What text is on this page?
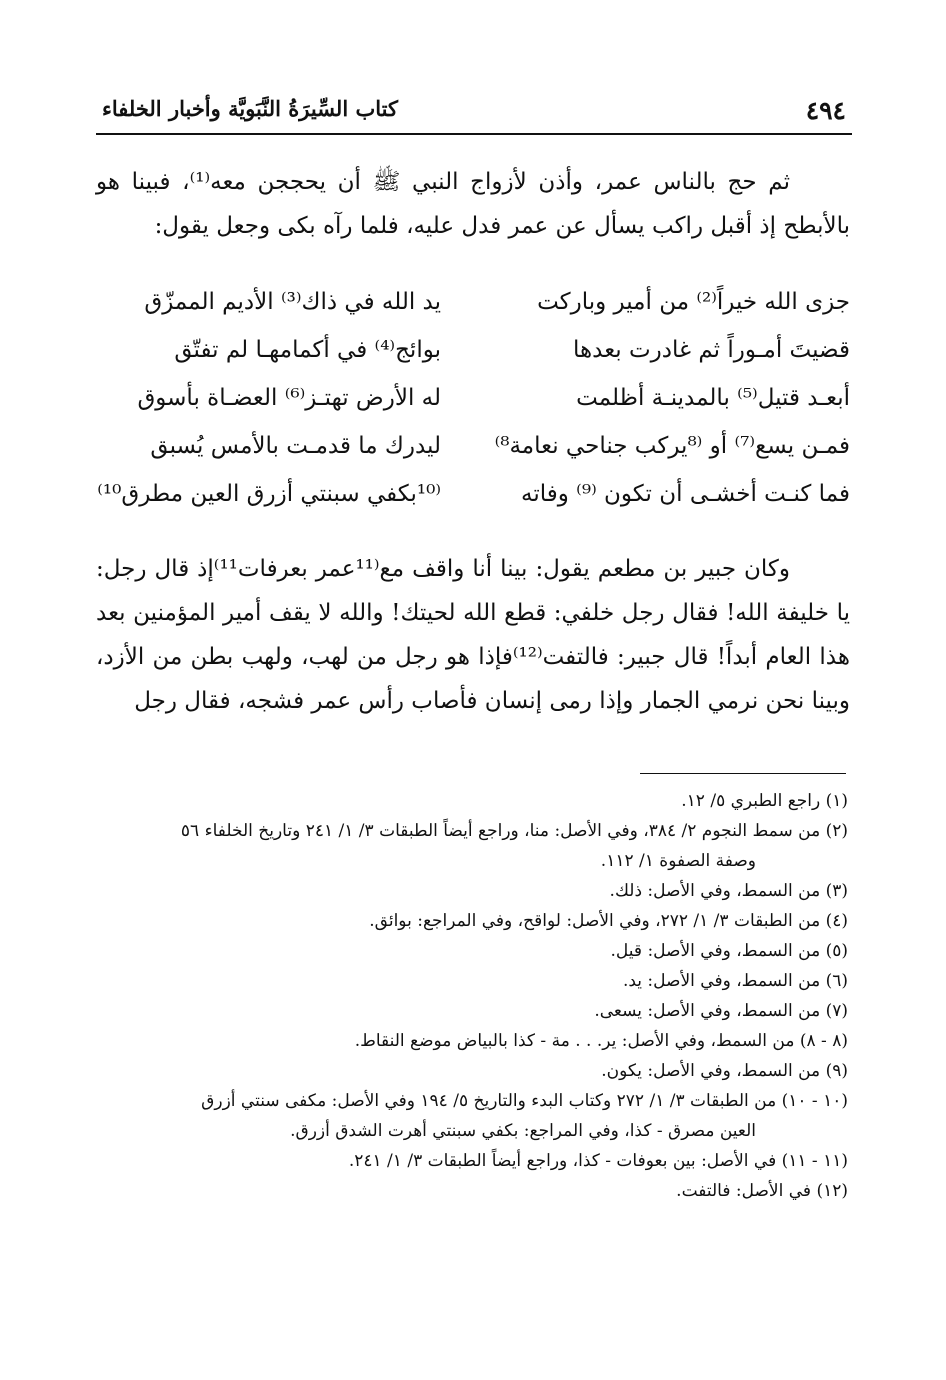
٤٩٤
كتاب السِّيرَةُ النَّبَويَّة وأخبار الخلفاء

ثم حج بالناس عمر، وأذن لأزواج النبي ﷺ أن يحججن معه⁽¹⁾، فبينا هو بالأبطح إذ أقبل راكب يسأل عن عمر فدل عليه، فلما رآه بكى وجعل يقول:

جزى الله خيراً⁽²⁾ من أمير وباركت
يد الله في ذاك⁽³⁾ الأديم الممزّق
قضيتَ أمـوراً ثم غادرت بعدها
بوائج⁽⁴⁾ في أكمامهـا لم تفتّق
أبعـد قتيل⁽⁵⁾ بالمدينـة أظلمت
له الأرض تهتـز⁽⁶⁾ العضـاة بأسوق
فمـن يسع⁽⁷⁾ أو ⁽⁸يركب جناحي نعامة⁸⁾
ليدرك ما قدمـت بالأمس يُسبق
فما كنـت أخشـى أن تكون ⁽⁹⁾ وفاته
⁽¹⁰بكفي سبنتي أزرق العين مطرق¹⁰⁾

وكان جبير بن مطعم يقول: بينا أنا واقف مع⁽¹¹عمر بعرفات¹¹⁾إذ قال رجل: يا خليفة الله! فقال رجل خلفي: قطع الله لحيتك! والله لا يقف أمير المؤمنين بعد هذا العام أبداً! قال جبير: فالتفت⁽¹²⁾فإذا هو رجل من لهب، ولهب بطن من الأزد، وبينا نحن نرمي الجمار وإذا رمى إنسان فأصاب رأس عمر فشجه، فقال رجل

(١) راجع الطبري ٥/ ١٢.
(٢) من سمط النجوم ٢/ ٣٨٤، وفي الأصل: منا، وراجع أيضاً الطبقات ٣/ ١/ ٢٤١ وتاريخ الخلفاء ٥٦
وصفة الصفوة ١/ ١١٢.
(٣) من السمط، وفي الأصل: ذلك.
(٤) من الطبقات ٣/ ١/ ٢٧٢، وفي الأصل: لواقح، وفي المراجع: بوائق.
(٥) من السمط، وفي الأصل: قيل.
(٦) من السمط، وفي الأصل: يد.
(٧) من السمط، وفي الأصل: يسعى.
(٨ - ٨) من السمط، وفي الأصل: ير. . . مة - كذا بالبياض موضع النقاط.
(٩) من السمط، وفي الأصل: يكون.
(١٠ - ١٠) من الطبقات ٣/ ١/ ٢٧٢ وكتاب البدء والتاريخ ٥/ ١٩٤ وفي الأصل: مكفى سنتي أزرق
العين مصرق - كذا، وفي المراجع: بكفي سبنتي أهرت الشدق أزرق.
(١١ - ١١) في الأصل: بين بعوفات - كذا، وراجع أيضاً الطبقات ٣/ ١/ ٢٤١.
(١٢) في الأصل: فالتفت.
